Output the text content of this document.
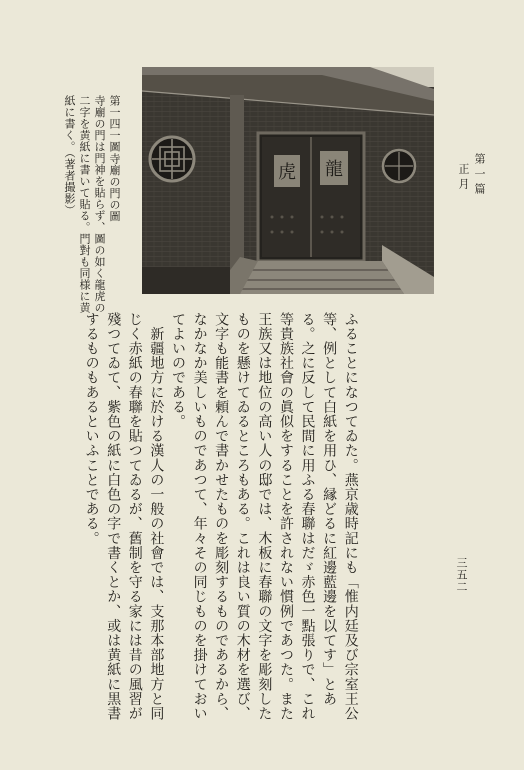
第一篇
正月
三五二
虎 龍
第一四一圖寺廟の門の圖
寺廟の門は門神を貼らず、圖の如く龍虎の
二字を黄紙に書いて貼る。門對も同様に黄
紙に書く。（著者撮影）

ふることになつてゐた。燕京歳時記にも「惟内廷及び宗室王公

等、例として白紙を用ひ、縁どるに紅邊藍邊を以てす」とあ

る。之に反して民間に用ふる春聯はだゞ赤色一點張りで、これ

等貴族社會の眞似をすることを許されない慣例であつた。また

王族又は地位の高い人の邸では、木板に春聯の文字を彫刻した

ものを懸けてゐるところもある。これは良い質の木材を選び、

文字も能書を頼んで書かせたものを彫刻するものであるから、

なかなか美しいものであつて、年々その同じものを掛けておい

てよいのである。

　新疆地方に於ける漢人の一般の社會では、支那本部地方と同

じく赤紙の春聯を貼つてゐるが、舊制を守る家には昔の風習が

殘つてゐて、紫色の紙に白色の字で書くとか、或は黄紙に黒書

するものもあるといふことである。
